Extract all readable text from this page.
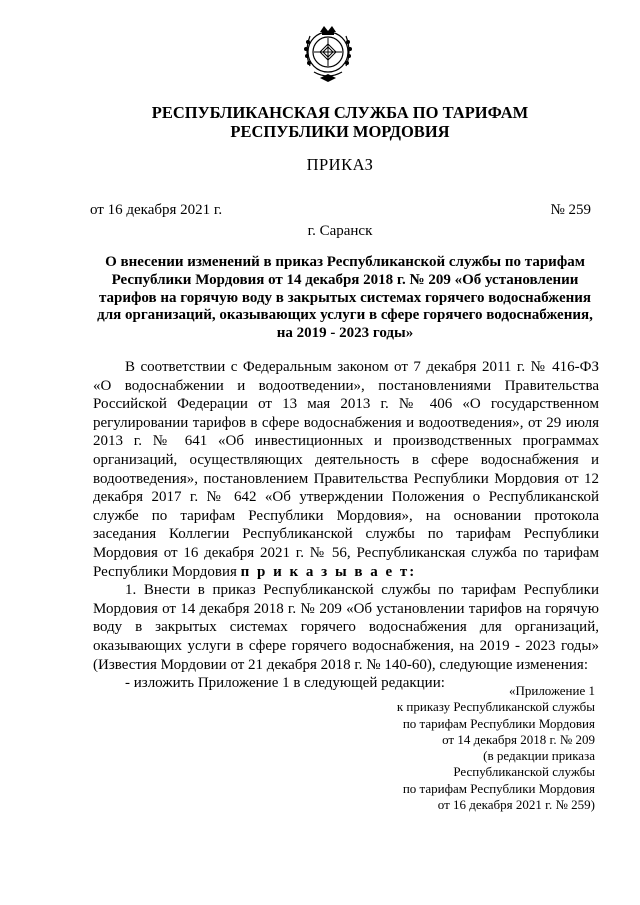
РЕСПУБЛИКАНСКАЯ СЛУЖБА ПО ТАРИФАМ
РЕСПУБЛИКИ МОРДОВИЯ
ПРИКАЗ
от 16 декабря 2021 г.	№ 259
г. Саранск
О внесении изменений в приказ Республиканской службы по тарифам Республики Мордовия от 14 декабря 2018 г. № 209 «Об установлении тарифов на горячую воду в закрытых системах горячего водоснабжения для организаций, оказывающих услуги в сфере горячего водоснабжения, на 2019 - 2023 годы»

В соответствии с Федеральным законом от 7 декабря 2011 г. № 416-ФЗ «О водоснабжении и водоотведении», постановлениями Правительства Российской Федерации от 13 мая 2013 г. № 406 «О государственном регулировании тарифов в сфере водоснабжения и водоотведения», от 29 июля 2013 г. № 641 «Об инвестиционных и производственных программах организаций, осуществляющих деятельность в сфере водоснабжения и водоотведения», постановлением Правительства Республики Мордовия от 12 декабря 2017 г. № 642 «Об утверждении Положения о Республиканской службе по тарифам Республики Мордовия», на основании протокола заседания Коллегии Республиканской службы по тарифам Республики Мордовия от 16 декабря 2021 г. № 56, Республиканская служба по тарифам Республики Мордовия п р и к а з ы в а е т:

1. Внести в приказ Республиканской службы по тарифам Республики Мордовия от 14 декабря 2018 г. № 209 «Об установлении тарифов на горячую воду в закрытых системах горячего водоснабжения для организаций, оказывающих услуги в сфере горячего водоснабжения, на 2019 - 2023 годы» (Известия Мордовии от 21 декабря 2018 г. № 140-60), следующие изменения:

- изложить Приложение 1 в следующей редакции:	«Приложение 1
к приказу Республиканской службы
по тарифам Республики Мордовия
от 14 декабря 2018 г. № 209
(в редакции приказа
Республиканской службы
по тарифам Республики Мордовия
от 16 декабря 2021 г. № 259)
